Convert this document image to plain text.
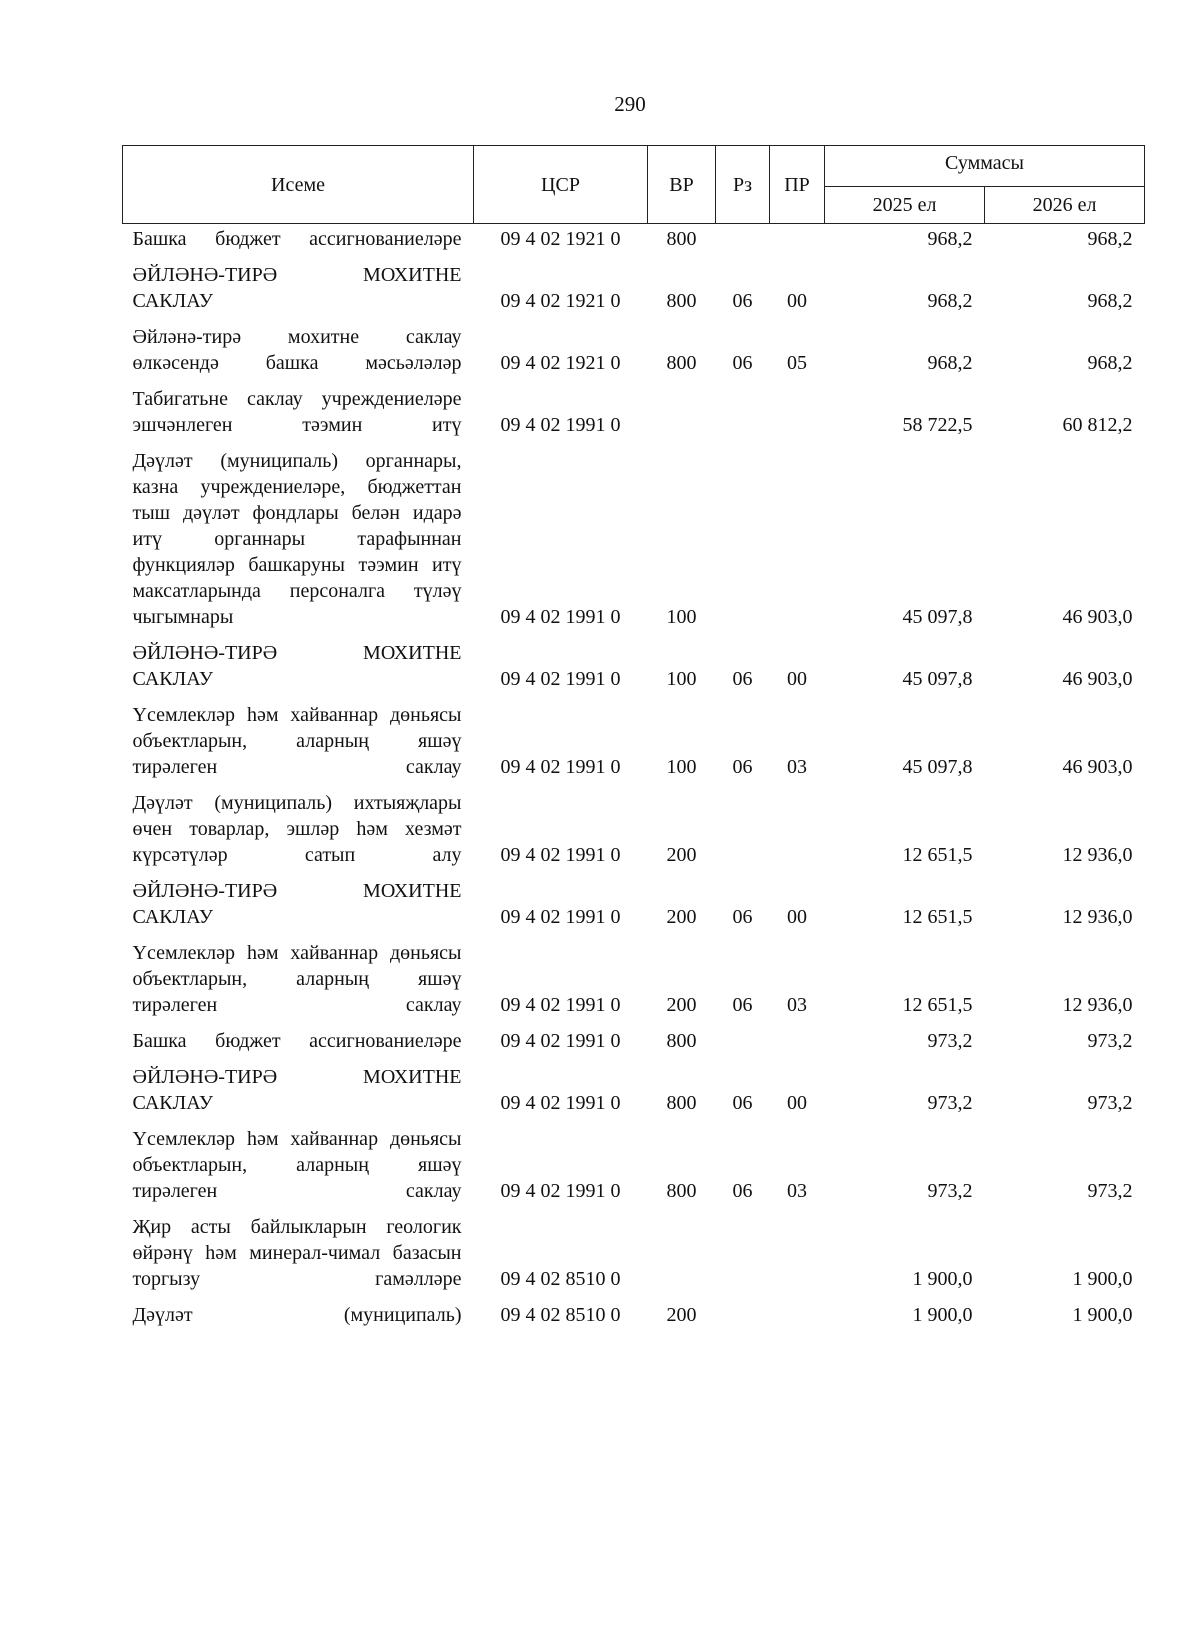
290
Исеме	ЦСР	ВР	Рз	ПР	Суммасы	
					2025 ел	2026 ел
Башка бюджет ассигнованиеләре	09 4 02 1921 0	800			968,2	968,2
ӘЙЛӘНӘ-ТИРӘ МОХИТНЕ САКЛАУ	09 4 02 1921 0	800	06	00	968,2	968,2
Әйләнә-тирә мохитне саклау өлкәсендә башка мәсьәләләр	09 4 02 1921 0	800	06	05	968,2	968,2
Табигатьне саклау учреждениеләре эшчәнлеген тәэмин итү	09 4 02 1991 0				58 722,5	60 812,2
Дәүләт (муниципаль) органнары, казна учреждениеләре, бюджеттан тыш дәүләт фондлары белән идарә итү органнары тарафыннан функцияләр башкаруны тәэмин итү максатларында персоналга түләү чыгымнары	09 4 02 1991 0	100			45 097,8	46 903,0
ӘЙЛӘНӘ-ТИРӘ МОХИТНЕ САКЛАУ	09 4 02 1991 0	100	06	00	45 097,8	46 903,0
Үсемлекләр һәм хайваннар дөньясы объектларын, аларның яшәү тирәлеген саклау	09 4 02 1991 0	100	06	03	45 097,8	46 903,0
Дәүләт (муниципаль) ихтыяҗлары өчен товарлар, эшләр һәм хезмәт күрсәтүләр сатып алу	09 4 02 1991 0	200			12 651,5	12 936,0
ӘЙЛӘНӘ-ТИРӘ МОХИТНЕ САКЛАУ	09 4 02 1991 0	200	06	00	12 651,5	12 936,0
Үсемлекләр һәм хайваннар дөньясы объектларын, аларның яшәү тирәлеген саклау	09 4 02 1991 0	200	06	03	12 651,5	12 936,0
Башка бюджет ассигнованиеләре	09 4 02 1991 0	800			973,2	973,2
ӘЙЛӘНӘ-ТИРӘ МОХИТНЕ САКЛАУ	09 4 02 1991 0	800	06	00	973,2	973,2
Үсемлекләр һәм хайваннар дөньясы объектларын, аларның яшәү тирәлеген саклау	09 4 02 1991 0	800	06	03	973,2	973,2
Җир асты байлыкларын геологик өйрәнү һәм минерал-чимал базасын торгызу гамәлләре	09 4 02 8510 0				1 900,0	1 900,0
Дәүләт (муниципаль)	09 4 02 8510 0	200			1 900,0	1 900,0
